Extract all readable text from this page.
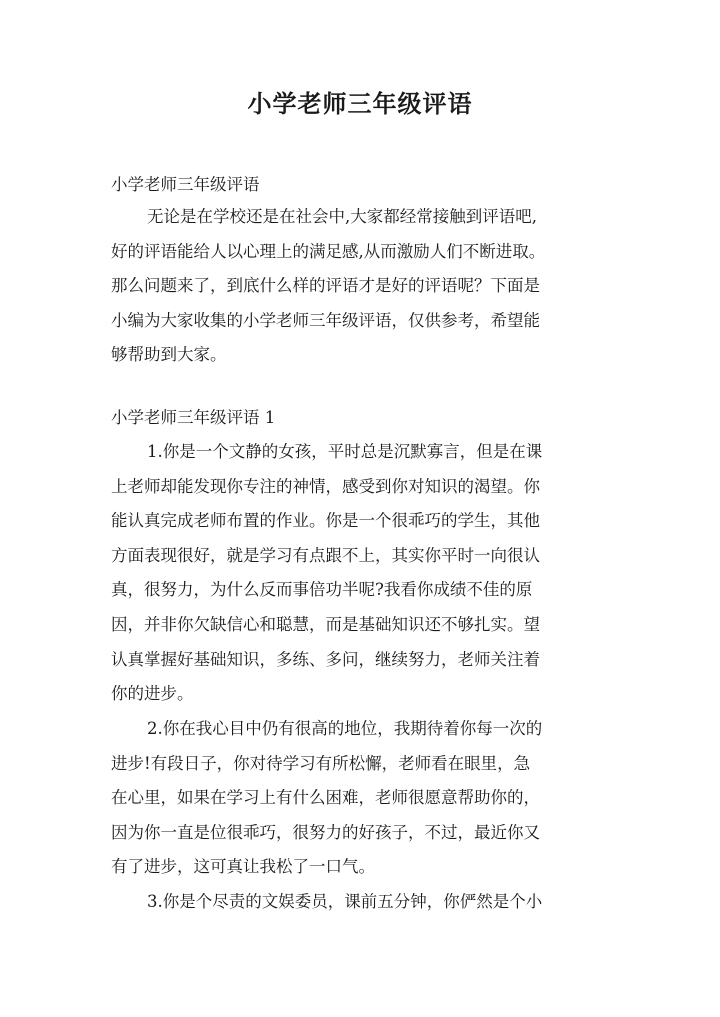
小学老师三年级评语
小学老师三年级评语
无论是在学校还是在社会中,大家都经常接触到评语吧,
好的评语能给人以心理上的满足感,从而激励人们不断进取。
那么问题来了，到底什么样的评语才是好的评语呢？下面是
小编为大家收集的小学老师三年级评语，仅供参考，希望能
够帮助到大家。
小学老师三年级评语 1
1.你是一个文静的女孩，平时总是沉默寡言，但是在课
上老师却能发现你专注的神情，感受到你对知识的渴望。你
能认真完成老师布置的作业。你是一个很乖巧的学生，其他
方面表现很好，就是学习有点跟不上，其实你平时一向很认
真，很努力，为什么反而事倍功半呢?我看你成绩不佳的原
因，并非你欠缺信心和聪慧，而是基础知识还不够扎实。望
认真掌握好基础知识，多练、多问，继续努力，老师关注着
你的进步。
2.你在我心目中仍有很高的地位，我期待着你每一次的
进步!有段日子，你对待学习有所松懈，老师看在眼里，急
在心里，如果在学习上有什么困难，老师很愿意帮助你的，
因为你一直是位很乖巧，很努力的好孩子，不过，最近你又
有了进步，这可真让我松了一口气。
3.你是个尽责的文娱委员，课前五分钟，你俨然是个小
